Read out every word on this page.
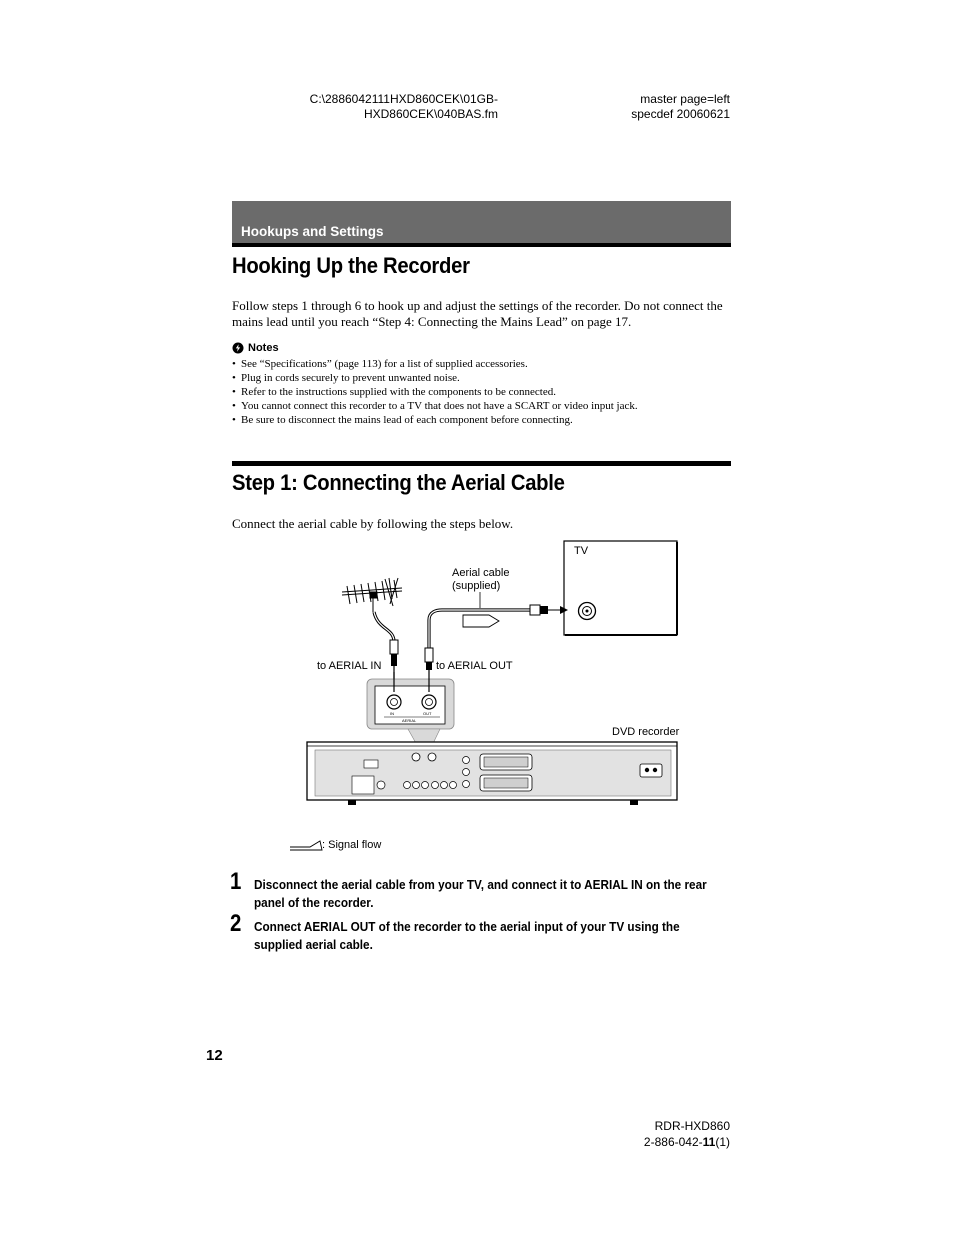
C:\2886042111HXD860CEK\01GB-
HXD860CEK\040BAS.fm
master page=left
specdef 20060621
Hookups and Settings
Hooking Up the Recorder
Follow steps 1 through 6 to hook up and adjust the settings of the recorder. Do not connect the mains lead until you reach “Step 4: Connecting the Mains Lead” on page 17.
Notes
• See “Specifications” (page 113) for a list of supplied accessories.
• Plug in cords securely to prevent unwanted noise.
• Refer to the instructions supplied with the components to be connected.
• You cannot connect this recorder to a TV that does not have a SCART or video input jack.
• Be sure to disconnect the mains lead of each component before connecting.
Step 1: Connecting the Aerial Cable
Connect the aerial cable by following the steps below.
TV
Aerial cable
(supplied)
to AERIAL IN	to AERIAL OUT
IN	OUT
AERIAL
DVD recorder
: Signal flow
1 Disconnect the aerial cable from your TV, and connect it to AERIAL IN on the rear panel of the recorder.
2 Connect AERIAL OUT of the recorder to the aerial input of your TV using the supplied aerial cable.
12
RDR-HXD860
2-886-042-11(1)
